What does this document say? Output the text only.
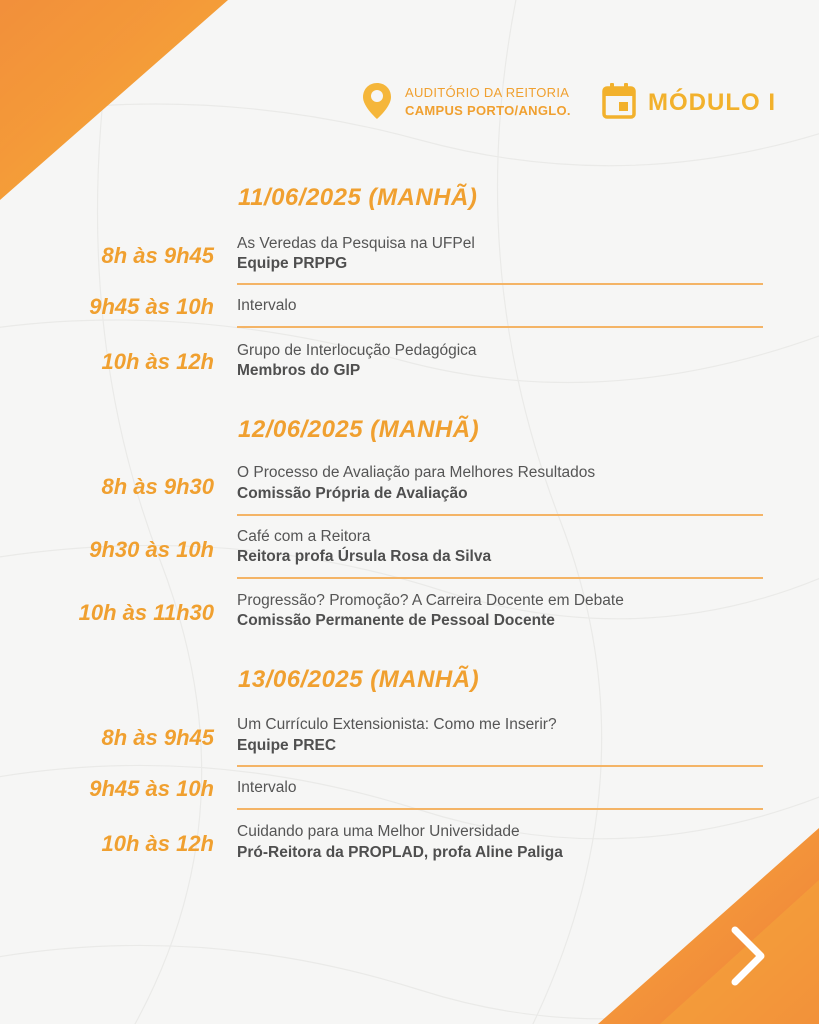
AUDITÓRIO DA REITORIA
CAMPUS PORTO/ANGLO.	MÓDULO I
11/06/2025 (MANHÃ)
8h às 9h45 As Veredas da Pesquisa na UFPel
Equipe PRPPG
9h45 às 10h Intervalo
10h às 12h Grupo de Interlocução Pedagógica
Membros do GIP
12/06/2025 (MANHÃ)
8h às 9h30
O Processo de Avaliação para Melhores Resultados
Comissão Própria de Avaliação
9h30 às 10h
Café com a Reitora
Reitora profa Úrsula Rosa da Silva
10h às 11h30 Progressão? Promoção? A Carreira Docente em Debate
Comissão Permanente de Pessoal Docente
13/06/2025 (MANHÃ)
8h às 9h45
Um Currículo Extensionista: Como me Inserir?
Equipe PREC
9h45 às 10h Intervalo
10h às 12h Cuidando para uma Melhor Universidade
Pró-Reitora da PROPLAD, profa Aline Paliga
